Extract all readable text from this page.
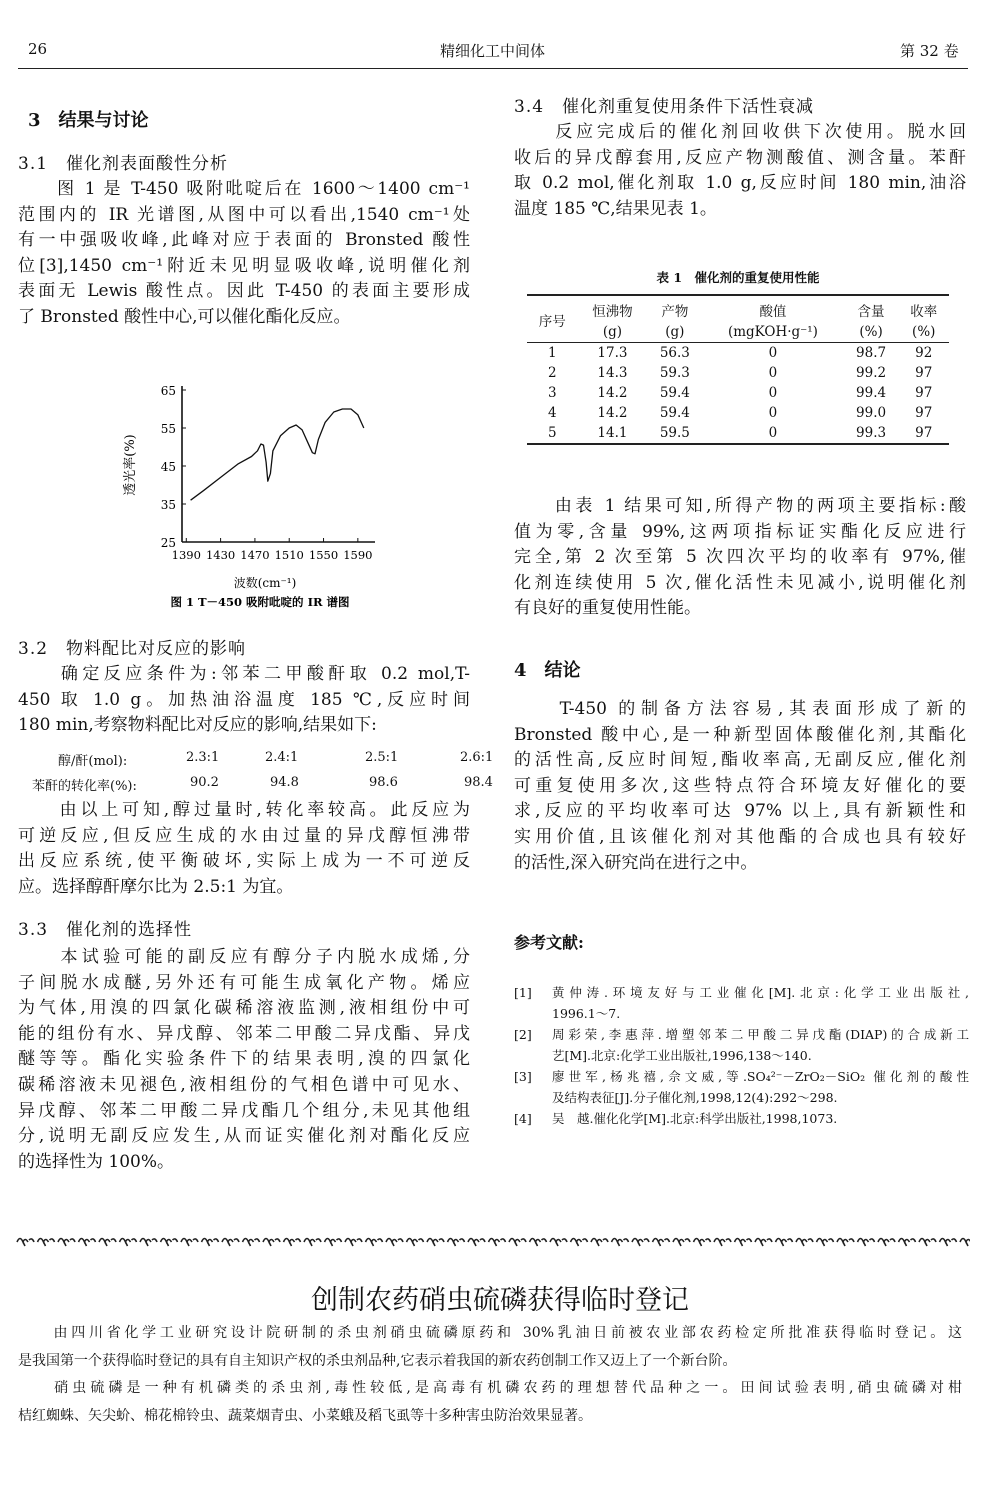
26	精细化工中间体	第 32 卷
3　结果与讨论
3.1　催化剂表面酸性分析
　　图 1 是 T-450 吸附吡啶后在 1600～1400 cm⁻¹
范围内的 IR 光谱图,从图中可以看出,1540 cm⁻¹处
有一中强吸收峰,此峰对应于表面的 Bronsted 酸性
位[3],1450 cm⁻¹附近未见明显吸收峰,说明催化剂
表面无 Lewis 酸性点。因此 T-450 的表面主要形成
了 Bronsted 酸性中心,可以催化酯化反应。
25
35
45
55
65
1390 1430 1470 1510 1550 1590
透光率(%)
波数(cm⁻¹)
图 1 T－450 吸附吡啶的 IR 谱图
3.2　物料配比对反应的影响
　　确定反应条件为:邻苯二甲酸酐取 0.2 mol,T-
450 取 1.0 g。加热油浴温度 185 ℃,反应时间
180 min,考察物料配比对反应的影响,结果如下:
醇/酐(mol):	2.3:1	2.4:1	2.5:1	2.6:1
苯酐的转化率(%):	90.2	94.8	98.6	98.4
　　由以上可知,醇过量时,转化率较高。此反应为
可逆反应,但反应生成的水由过量的异戊醇恒沸带
出反应系统,使平衡破坏,实际上成为一不可逆反
应。选择醇酐摩尔比为 2.5:1 为宜。
3.3　催化剂的选择性
　　本试验可能的副反应有醇分子内脱水成烯,分
子间脱水成醚,另外还有可能生成氧化产物。烯应
为气体,用溴的四氯化碳稀溶液监测,液相组份中可
能的组份有水、异戊醇、邻苯二甲酸二异戊酯、异戊
醚等等。酯化实验条件下的结果表明,溴的四氯化
碳稀溶液未见褪色,液相组份的气相色谱中可见水、
异戊醇、邻苯二甲酸二异戊酯几个组分,未见其他组
分,说明无副反应发生,从而证实催化剂对酯化反应
的选择性为 100%。
3.4　催化剂重复使用条件下活性衰减
　　反应完成后的催化剂回收供下次使用。脱水回
收后的异戊醇套用,反应产物测酸值、测含量。苯酐
取 0.2 mol,催化剂取 1.0 g,反应时间 180 min,油浴
温度 185 ℃,结果见表 1。
表 1　催化剂的重复使用性能
序号	恒沸物	产物	酸值	含量	收率
	(g)	(g)	(mgKOH·g⁻¹)	(%)	(%)
1	17.3	56.3	0	98.7	92
2	14.3	59.3	0	99.2	97
3	14.2	59.4	0	99.4	97
4	14.2	59.4	0	99.0	97
5	14.1	59.5	0	99.3	97
　　由表 1 结果可知,所得产物的两项主要指标:酸
值为零,含量 99%,这两项指标证实酯化反应进行
完全,第 2 次至第 5 次四次平均的收率有 97%,催
化剂连续使用 5 次,催化活性未见减小,说明催化剂
有良好的重复使用性能。
4　结论
　　T-450 的制备方法容易,其表面形成了新的
Bronsted 酸中心,是一种新型固体酸催化剂,其酯化
的活性高,反应时间短,酯收率高,无副反应,催化剂
可重复使用多次,这些特点符合环境友好催化的要
求,反应的平均收率可达 97% 以上,具有新颖性和
实用价值,且该催化剂对其他酯的合成也具有较好
的活性,深入研究尚在进行之中。
参考文献:
[1]	黄仲涛.环境友好与工业催化[M].北京:化学工业出版社,
1996.1～7.
[2]	周彩荣,李惠萍.增塑邻苯二甲酸二异戊酯(DIAP)的合成新工
艺[M].北京:化学工业出版社,1996,138～140.
[3]	廖世军,杨兆禧,佘文威,等.SO₄²⁻－ZrO₂－SiO₂ 催化剂的酸性
及结构表征[J].分子催化剂,1998,12(4):292～298.
[4]	吴　越.催化化学[M].北京:科学出版社,1998,1073.
创制农药硝虫硫磷获得临时登记
　　由四川省化学工业研究设计院研制的杀虫剂硝虫硫磷原药和 30%乳油日前被农业部农药检定所批准获得临时登记。这
是我国第一个获得临时登记的具有自主知识产权的杀虫剂品种,它表示着我国的新农药创制工作又迈上了一个新台阶。
　　硝虫硫磷是一种有机磷类的杀虫剂,毒性较低,是高毒有机磷农药的理想替代品种之一。田间试验表明,硝虫硫磷对柑
桔红蜘蛛、矢尖蚧、棉花棉铃虫、蔬菜烟青虫、小菜蛾及稻飞虱等十多种害虫防治效果显著。
